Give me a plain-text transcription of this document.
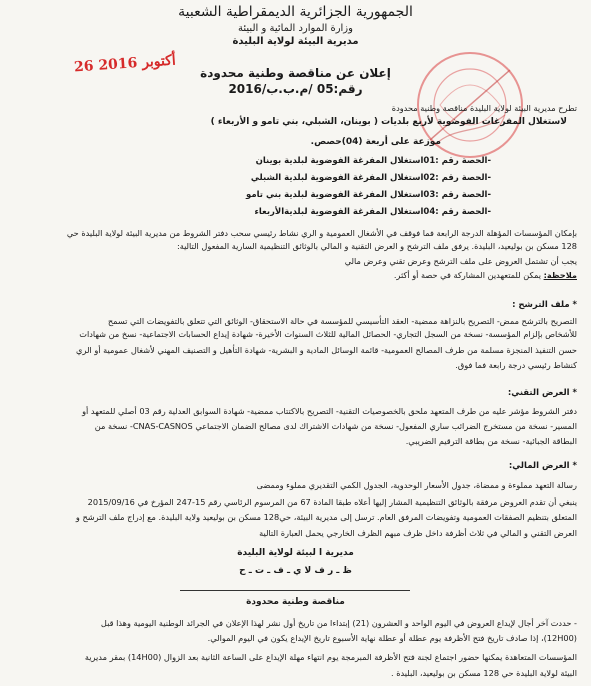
الجمهورية الجزائرية الديمقراطية الشعبية
وزارة الموارد المائية و البيئة
مديرية البيئة لولاية البليدة
26 أكتوبر 2016
إعلان عن مناقصة وطنية محدودة
رقم:05 /م.ب.ب/2016
تطرح مديرية البيئة لولاية البليدة مناقصة وطنية محدودة
لاستغلال المفرغات الفوضوية لأربع بلديات ( بوينان، الشبلي، بني تامو و الأربعاء )
موزعة على أربعة (04)حصص.
-الحصة رقم :01استغلال المفرغة الفوضوية لبلدية بوينان
-الحصة رقم :02استغلال المفرغة الفوضوية لبلدية الشبلي
-الحصة رقم :03استغلال المفرغة الفوضوية لبلدية بني تامو
-الحصة رقم :04استغلال المفرغة الفوضوية لبلديةالأربعاء
بإمكان المؤسسات المؤهلة الدرجة الرابعة فما فوقف في الأشغال العمومية و الري نشاط رئيسي سحب دفتر الشروط من مديرية البيئة لولاية البليدة حي
128 مسكن بن بوليعيد، البليدة. يرفق ملف الترشح و العرض التقنية و المالي بالوثائق التنظيمية السارية المفعول التالية:
يجب أن تشتمل العروض على ملف الترشح وعرض تقني وعرض مالي
ملاحظة: يمكن للمتعهدين المشاركة في حصة أو أكثر.
* ملف الترشح :
التصريح بالترشح ممض- التصريح بالنزاهة ممضية- العقد التأسيسي للمؤسسة في حالة الاستحقاق- الوثائق التي تتعلق بالتفويضات التي تسمح
للأشخاص بإلزام المؤسسة- نسخة من السجل التجاري- الحصائل المالية للثلاث السنوات الأخيرة- شهادة إيداع الحسابات الاجتماعية- نسخ من شهادات
حسن التنفيذ المنجزة مسلمة من طرف المصالح العمومية- قائمة الوسائل المادية و البشرية- شهادة التأهيل و التصنيف المهني لأشغال عمومية أو الري
كنشاط رئيسي درجة رابعة فما فوق.
* العرض التقني:
دفتر الشروط مؤشر عليه من طرف المتعهد ملحق بالخصوصيات التقنية- التصريح بالاكتتاب ممضية- شهادة السوابق العدلية رقم 03 أصلي للمتعهد أو
المسير- نسخة من مستخرج الضرائب ساري المفعول- نسخة من شهادات الاشتراك لدى مصالح الضمان الاجتماعي CNAS-CASNOS- نسخة من
البطاقة الجبائية- نسخة من بطاقة الترقيم الضريبي.
* العرض المالي:
رسالة التعهد مملوءة و ممضاة، جدول الأسعار الوحدوية، الجدول الكمي التقديري مملوء وممضى
ينبغي أن تقدم العروض مرفقة بالوثائق التنظيمية المشار إليها أعلاه طبقا المادة 67 من المرسوم الرئاسي رقم 15-247 المؤرخ في 2015/09/16
المتعلق بتنظيم الصفقات العمومية وتفويضات المرفق العام. ترسل إلى مديرية البيئة، حي128 مسكن بن بوليعيد ولاية البليدة. مع إدراج ملف الترشح و
العرض التقني و المالي في ثلاث أظرفة داخل ظرف مبهم الظرف الخارجي يحمل العبارة التالية
مديرية ا لبيئة لولاية البليدة
ظ ـ ر ف لا ي ـ ف ـ ت ـ ح
مناقصة وطنية محدودة
- حددت آخر أجال لإيداع العروض في اليوم الواحد و العشرون (21) إبتداءا من تاريخ أول نشر لهذا الإعلان في الجرائد الوطنية اليومية وهذا قبل
(12H00)، إذا صادف تاريخ فتح الأظرفة يوم عطلة أو عطلة نهاية الأسبوع تاريخ الإيداع يكون في اليوم الموالي.
المؤسسات المتعاهدة يمكنها حضور اجتماع لجنة فتح الأظرفة المبرمجة يوم انتهاء مهلة الإيداع على الساعة الثانية بعد الزوال (14H00) بمقر مديرية
البيئة لولاية البليدة حي 128 مسكن بن بوليعيد، البليدة .
